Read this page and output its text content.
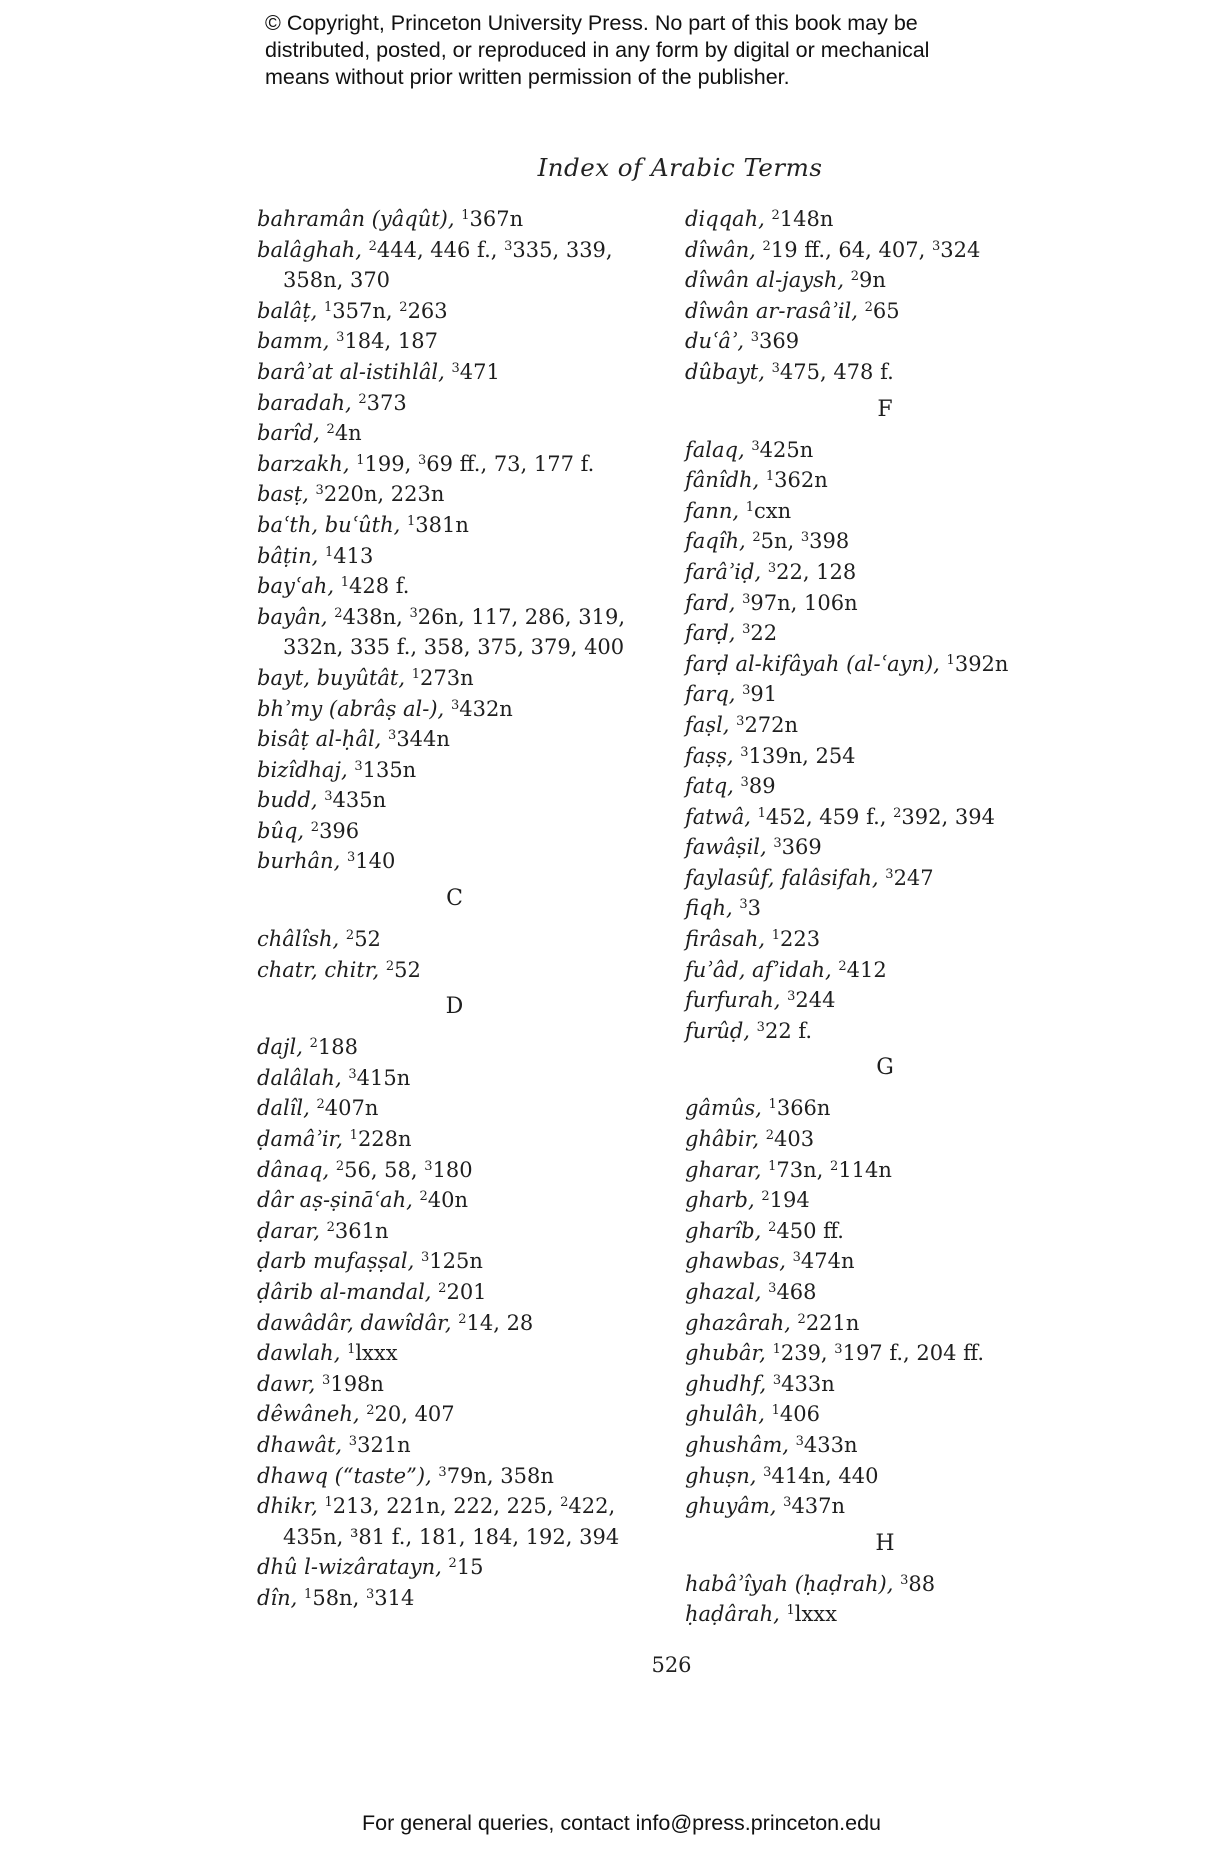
© Copyright, Princeton University Press. No part of this book may be
distributed, posted, or reproduced in any form by digital or mechanical
means without prior written permission of the publisher.
Index of Arabic Terms
bahramân (yâqût), $^1$367n
balâghah, $^2$444, 446 f., $^3$335, 339,
358n, 370
balâṭ, $^1$357n, $^2$263
bamm, $^3$184, 187
barâʾat al-istihlâl, $^3$471
baradah, $^2$373
barîd, $^2$4n
barzakh, $^1$199, $^3$69 ff., 73, 177 f.
basṭ, $^3$220n, 223n
baʿth, buʿûth, $^1$381n
bâṭin, $^1$413
bayʿah, $^1$428 f.
bayân, $^2$438n, $^3$26n, 117, 286, 319,
332n, 335 f., 358, 375, 379, 400
bayt, buyûtât, $^1$273n
bhʾmy (abrâṣ al-), $^3$432n
bisâṭ al-ḥâl, $^3$344n
bizîdhaj, $^3$135n
budd, $^3$435n
bûq, $^2$396
burhân, $^3$140
C
châlîsh, $^2$52
chatr, chitr, $^2$52
D
dajl, $^2$188
dalâlah, $^3$415n
dalîl, $^2$407n
ḍamâʾir, $^1$228n
dânaq, $^2$56, 58, $^3$180
dâr aṣ-ṣināʿah, $^2$40n
ḍarar, $^2$361n
ḍarb mufaṣṣal, $^3$125n
ḍârib al-mandal, $^2$201
dawâdâr, dawîdâr, $^2$14, 28
dawlah, $^1$lxxx
dawr, $^3$198n
dêwâneh, $^2$20, 407
dhawât, $^3$321n
dhawq (“taste”), $^3$79n, 358n
dhikr, $^1$213, 221n, 222, 225, $^2$422,
435n, ³81 f., 181, 184, 192, 394
dhû l-wizâratayn, $^2$15
dîn, $^1$58n, $^3$314
diqqah, $^2$148n
dîwân, $^2$19 ff., 64, 407, $^3$324
dîwân al-jaysh, $^2$9n
dîwân ar-rasâʾil, $^2$65
duʿâʾ, $^3$369
dûbayt, $^3$475, 478 f.
F
falaq, $^3$425n
fânîdh, $^1$362n
fann, $^1$cxn
faqîh, $^2$5n, $^3$398
farâʾiḍ, $^3$22, 128
fard, $^3$97n, 106n
farḍ, $^3$22
farḍ al-kifâyah (al-ʿayn), $^1$392n
farq, $^3$91
faṣl, $^3$272n
faṣṣ, $^3$139n, 254
fatq, $^3$89
fatwâ, $^1$452, 459 f., $^2$392, 394
fawâṣil, $^3$369
faylasûf, falâsifah, $^3$247
fiqh, $^3$3
firâsah, $^1$223
fuʾâd, afʾidah, $^2$412
furfurah, $^3$244
furûḍ, $^3$22 f.
G
gâmûs, $^1$366n
ghâbir, $^2$403
gharar, $^1$73n, $^2$114n
gharb, $^2$194
gharîb, $^2$450 ff.
ghawbas, $^3$474n
ghazal, $^3$468
ghazârah, $^2$221n
ghubâr, $^1$239, $^3$197 f., 204 ff.
ghudhf, $^3$433n
ghulâh, $^1$406
ghushâm, $^3$433n
ghuṣn, $^3$414n, 440
ghuyâm, $^3$437n
H
habâʾîyah (ḥaḍrah), $^3$88
ḥaḍârah, $^1$lxxx
526
For general queries, contact info@press.princeton.edu
